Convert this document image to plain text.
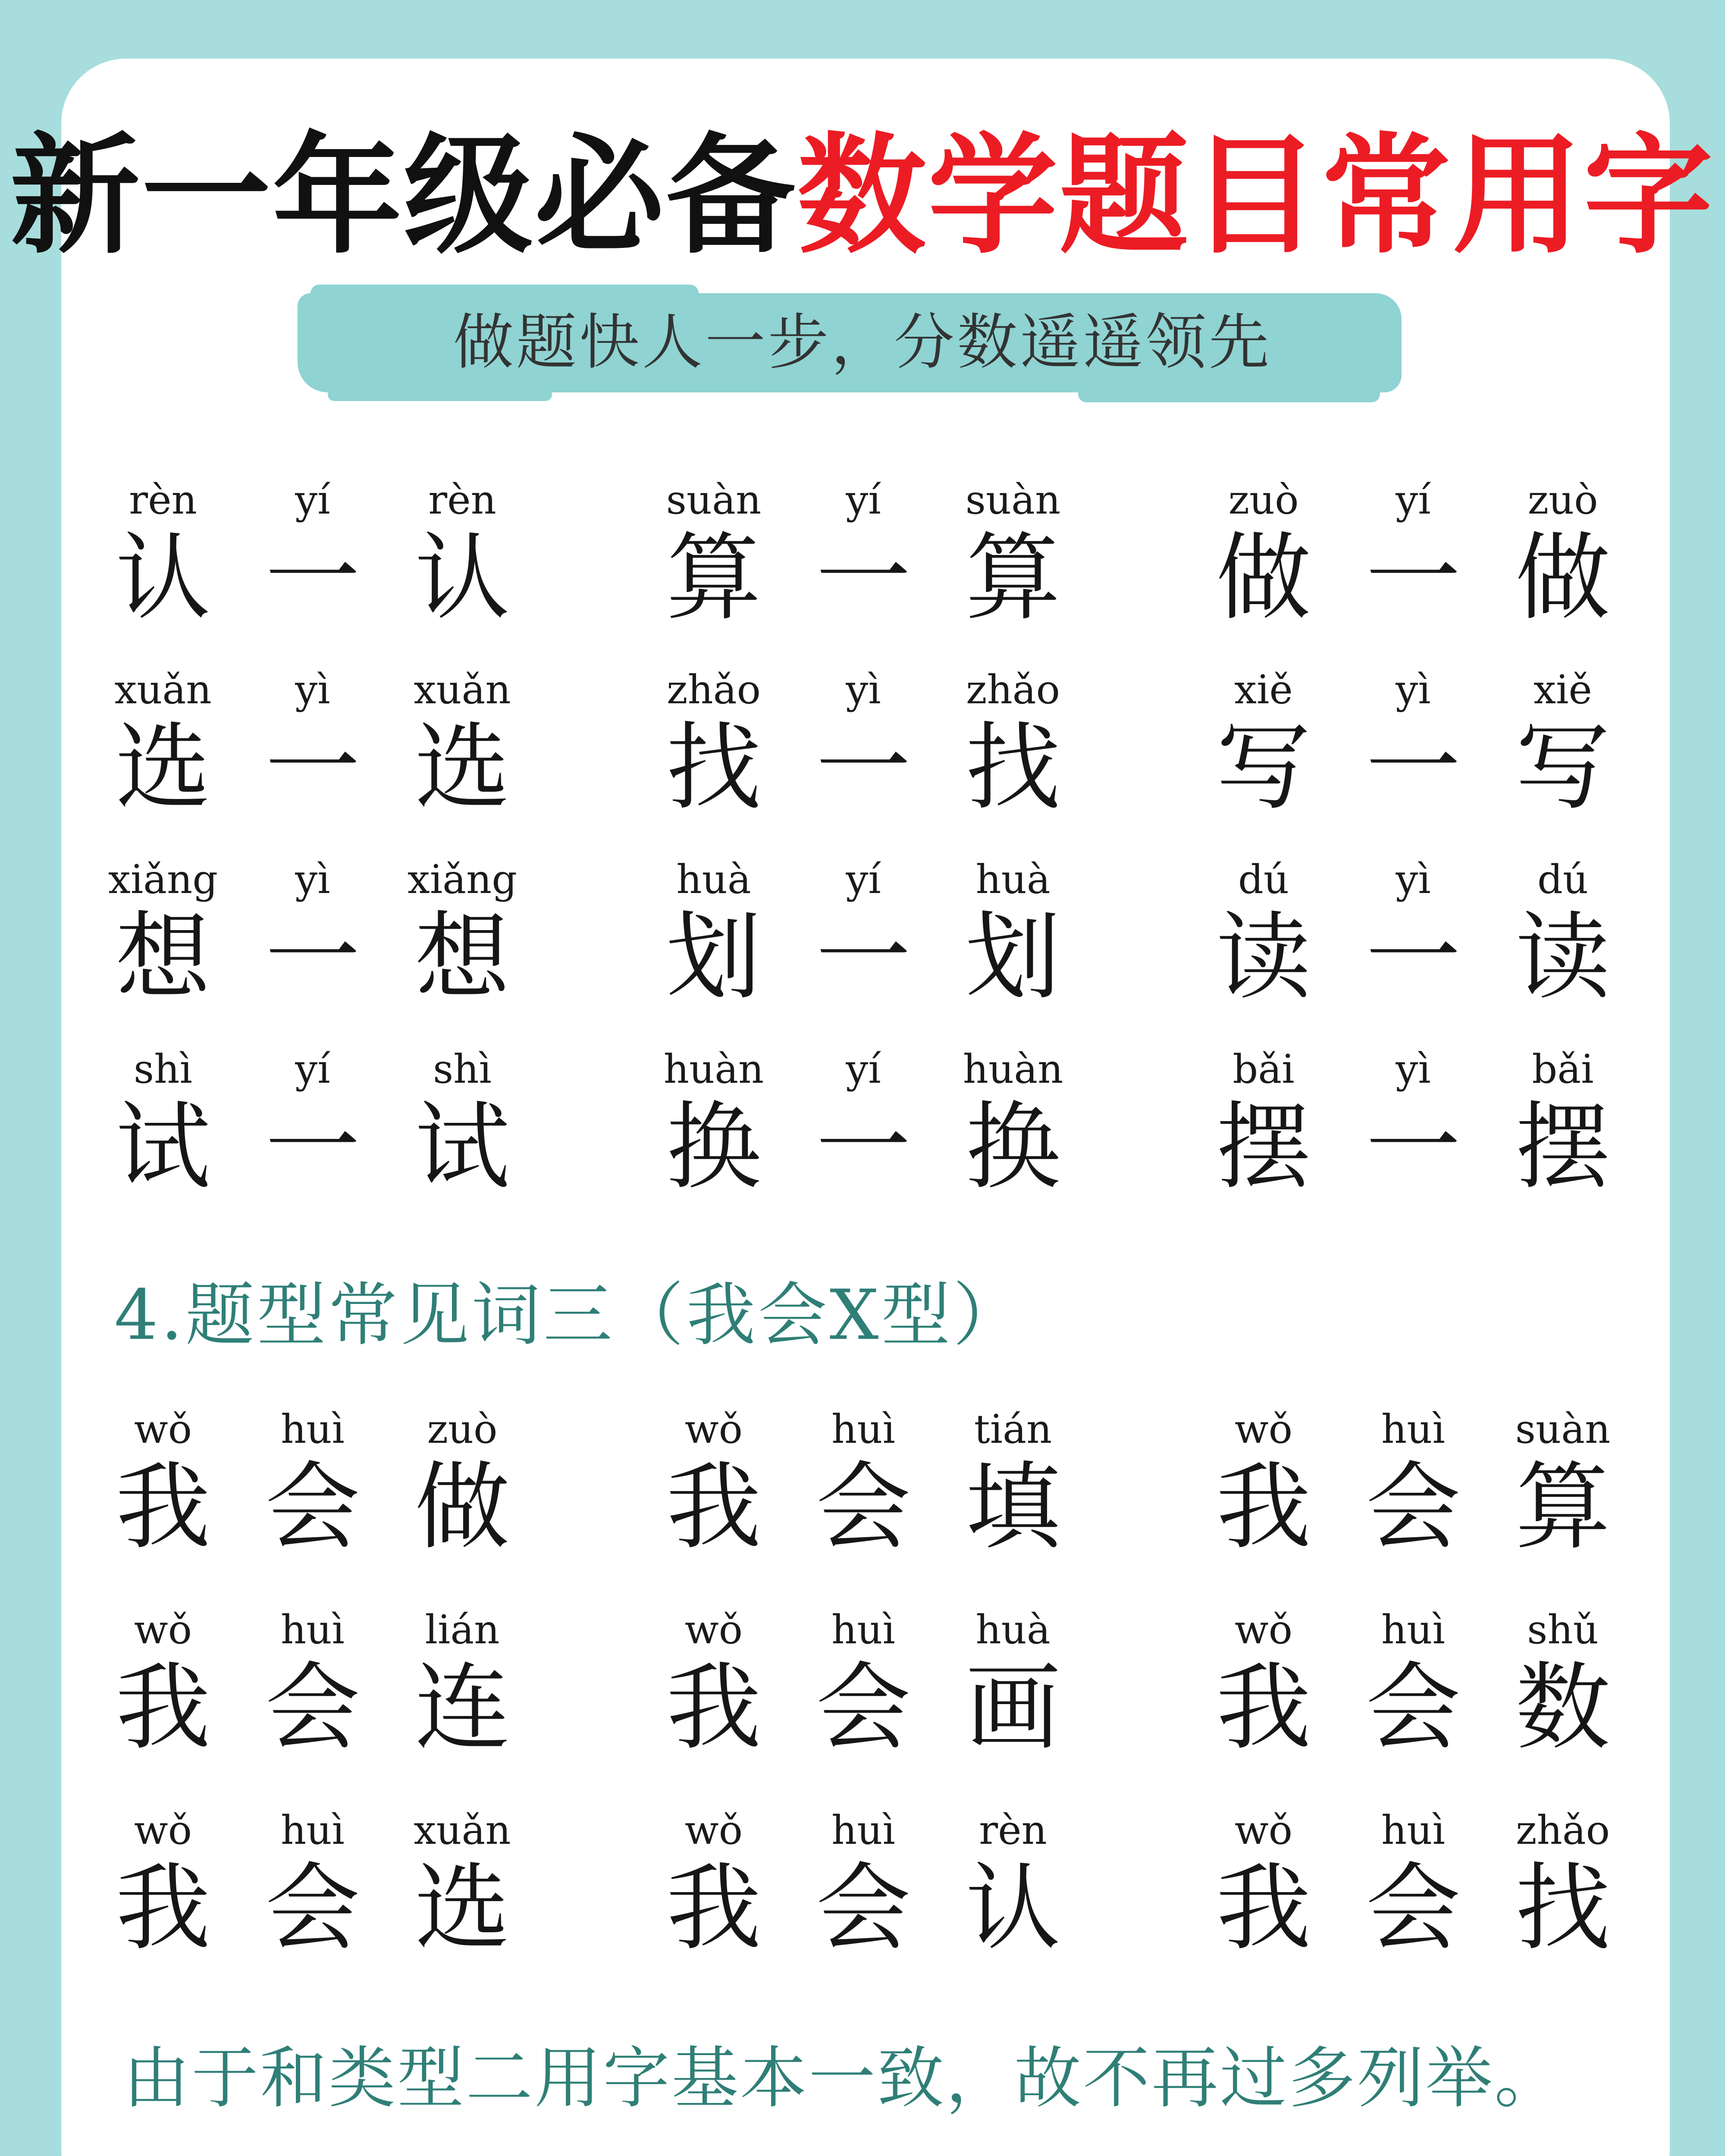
新一年级必备数学题目常用字
做题快人一步，分数遥遥领先
rèn
认
yí
一
rèn
认
suàn
算
yí
一
suàn
算
zuò
做
yí
一
zuò
做
xuǎn
选
yì
一
xuǎn
选
zhǎo
找
yì
一
zhǎo
找
xiě
写
yì
一
xiě
写
xiǎng
想
yì
一
xiǎng
想
huà
划
yí
一
huà
划
dú
读
yì
一
dú
读
shì
试
yí
一
shì
试
huàn
换
yí
一
huàn
换
bǎi
摆
yì
一
bǎi
摆
4.题型常见词三（我会X型）
wǒ
我
huì
会
zuò
做
wǒ
我
huì
会
tián
填
wǒ
我
huì
会
suàn
算
wǒ
我
huì
会
lián
连
wǒ
我
huì
会
huà
画
wǒ
我
huì
会
shǔ
数
wǒ
我
huì
会
xuǎn
选
wǒ
我
huì
会
rèn
认
wǒ
我
huì
会
zhǎo
找
由于和类型二用字基本一致，故不再过多列举。
